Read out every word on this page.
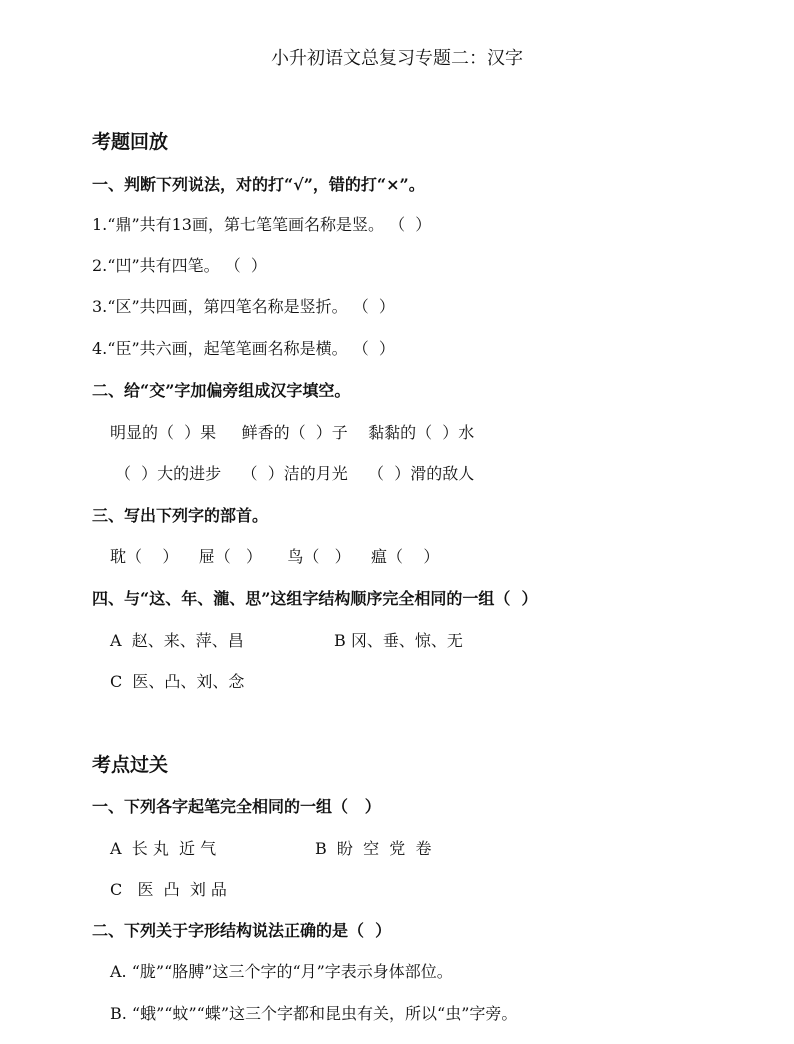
小升初语文总复习专题二：汉字
考题回放
一、判断下列说法，对的打“√”，错的打“×”。
1.“鼎”共有13画，第七笔笔画名称是竖。 （  ）
2.“凹”共有四笔。 （  ）
3.“区”共四画，第四笔名称是竖折。 （  ）
4.“臣”共六画，起笔笔画名称是横。 （  ）
二、给“交”字加偏旁组成汉字填空。
明显的（  ）果     鲜香的（  ）子    黏黏的（  ）水
（  ）大的进步    （  ）洁的月光    （  ）滑的敌人
三、写出下列字的部首。
耽（    ）    屉（   ）     鸟（   ）    瘟（    ）
四、与“这、年、瀧、思”这组字结构顺序完全相同的一组（  ）
A  赵、来、萍、昌	B 冈、垂、惊、无
C  医、凸、刘、念
考点过关
一、下列各字起笔完全相同的一组（   ）
A  长 丸  近 气	B  盼  空  党  卷
C   医  凸  刘 品
二、下列关于字形结构说法正确的是（  ）
A. “胧”“胳膊”这三个字的“月”字表示身体部位。
B. “蛾”“蚊”“蝶”这三个字都和昆虫有关，所以“虫”字旁。
